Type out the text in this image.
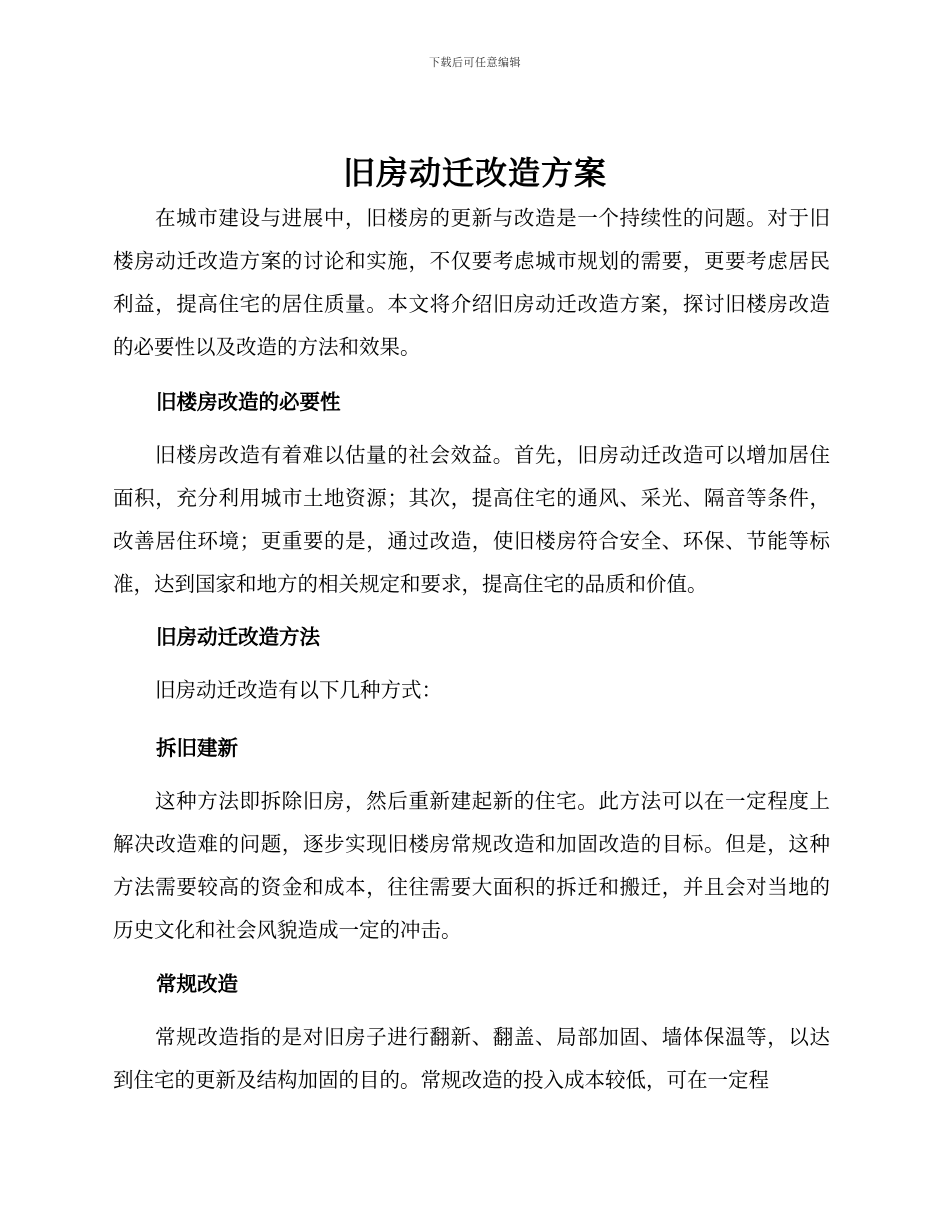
下载后可任意编辑
旧房动迁改造方案

在城市建设与进展中，旧楼房的更新与改造是一个持续性的问题。对于旧楼房动迁改造方案的讨论和实施，不仅要考虑城市规划的需要，更要考虑居民利益，提高住宅的居住质量。本文将介绍旧房动迁改造方案，探讨旧楼房改造的必要性以及改造的方法和效果。

旧楼房改造的必要性

旧楼房改造有着难以估量的社会效益。首先，旧房动迁改造可以增加居住面积，充分利用城市土地资源；其次，提高住宅的通风、采光、隔音等条件，改善居住环境；更重要的是，通过改造，使旧楼房符合安全、环保、节能等标准，达到国家和地方的相关规定和要求，提高住宅的品质和价值。

旧房动迁改造方法

旧房动迁改造有以下几种方式：

拆旧建新

这种方法即拆除旧房，然后重新建起新的住宅。此方法可以在一定程度上解决改造难的问题，逐步实现旧楼房常规改造和加固改造的目标。但是，这种方法需要较高的资金和成本，往往需要大面积的拆迁和搬迁，并且会对当地的历史文化和社会风貌造成一定的冲击。

常规改造

常规改造指的是对旧房子进行翻新、翻盖、局部加固、墙体保温等，以达到住宅的更新及结构加固的目的。常规改造的投入成本较低，可在一定程
